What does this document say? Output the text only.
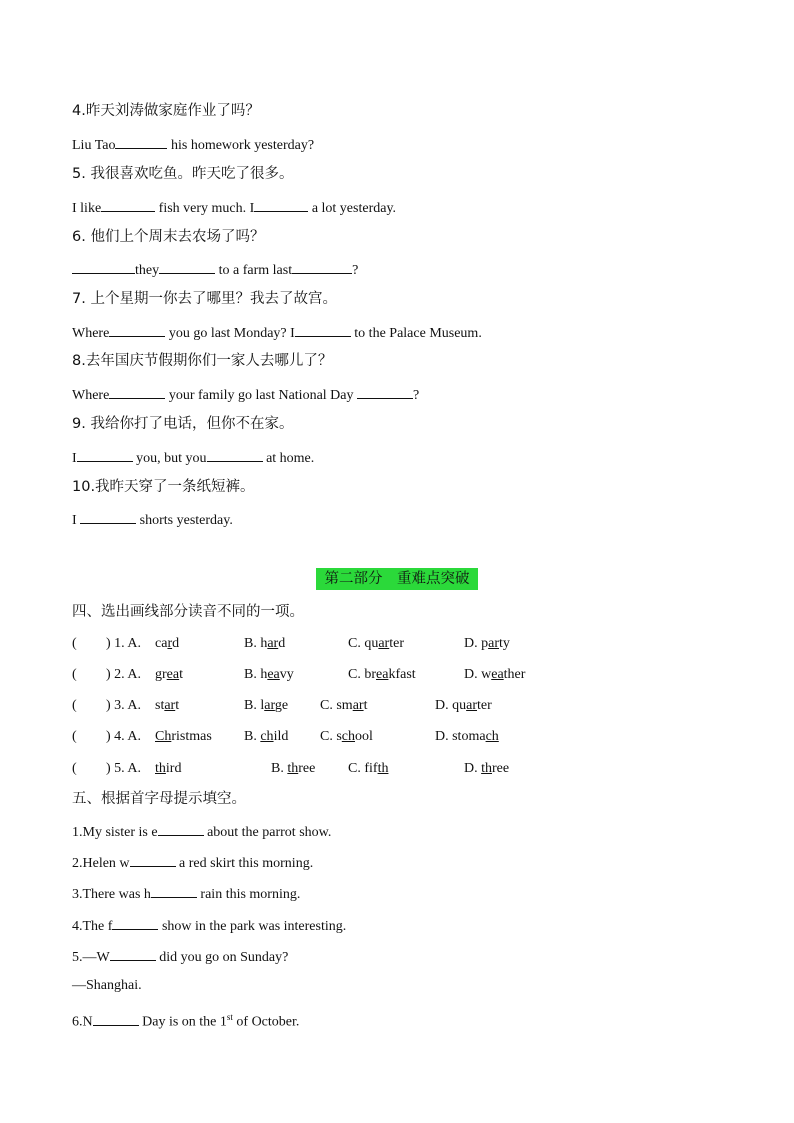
4.昨天刘涛做家庭作业了吗？
Liu Tao	his homework yesterday?
5. 我很喜欢吃鱼。昨天吃了很多。
I like	fish very much. I	a lot yesterday.
6. 他们上个周末去农场了吗？
they	to a farm last	?
7. 上个星期一你去了哪里？我去了故宫。
Where	you go last Monday? I	to the Palace Museum.
8.去年国庆节假期你们一家人去哪儿了？
Where	your family go last National Day	?
9. 我给你打了电话，但你不在家。
I	you, but you	at home.
10.我昨天穿了一条纸短裤。
I	shorts yesterday.
第二部分　重难点突破
四、选出画线部分读音不同的一项。
( ) 1. A. card	B. hard	C. quarter	D. party
( ) 2. A. great	B. heavy	C. breakfast	D. weather
( ) 3. A. start	B. large C. smart	D. quarter
( ) 4. A. Christmas B. child C. school	D. stomach
( ) 5. A. third	B. three C. fifth	D. three
五、根据首字母提示填空。
1.My sister is e	about the parrot show.
2.Helen w	a red skirt this morning.
3.There was h	rain this morning.
4.The f	show in the park was interesting.
5.—W	did you go on Sunday?
—Shanghai.
6.N	Day is on the 1st of October.
